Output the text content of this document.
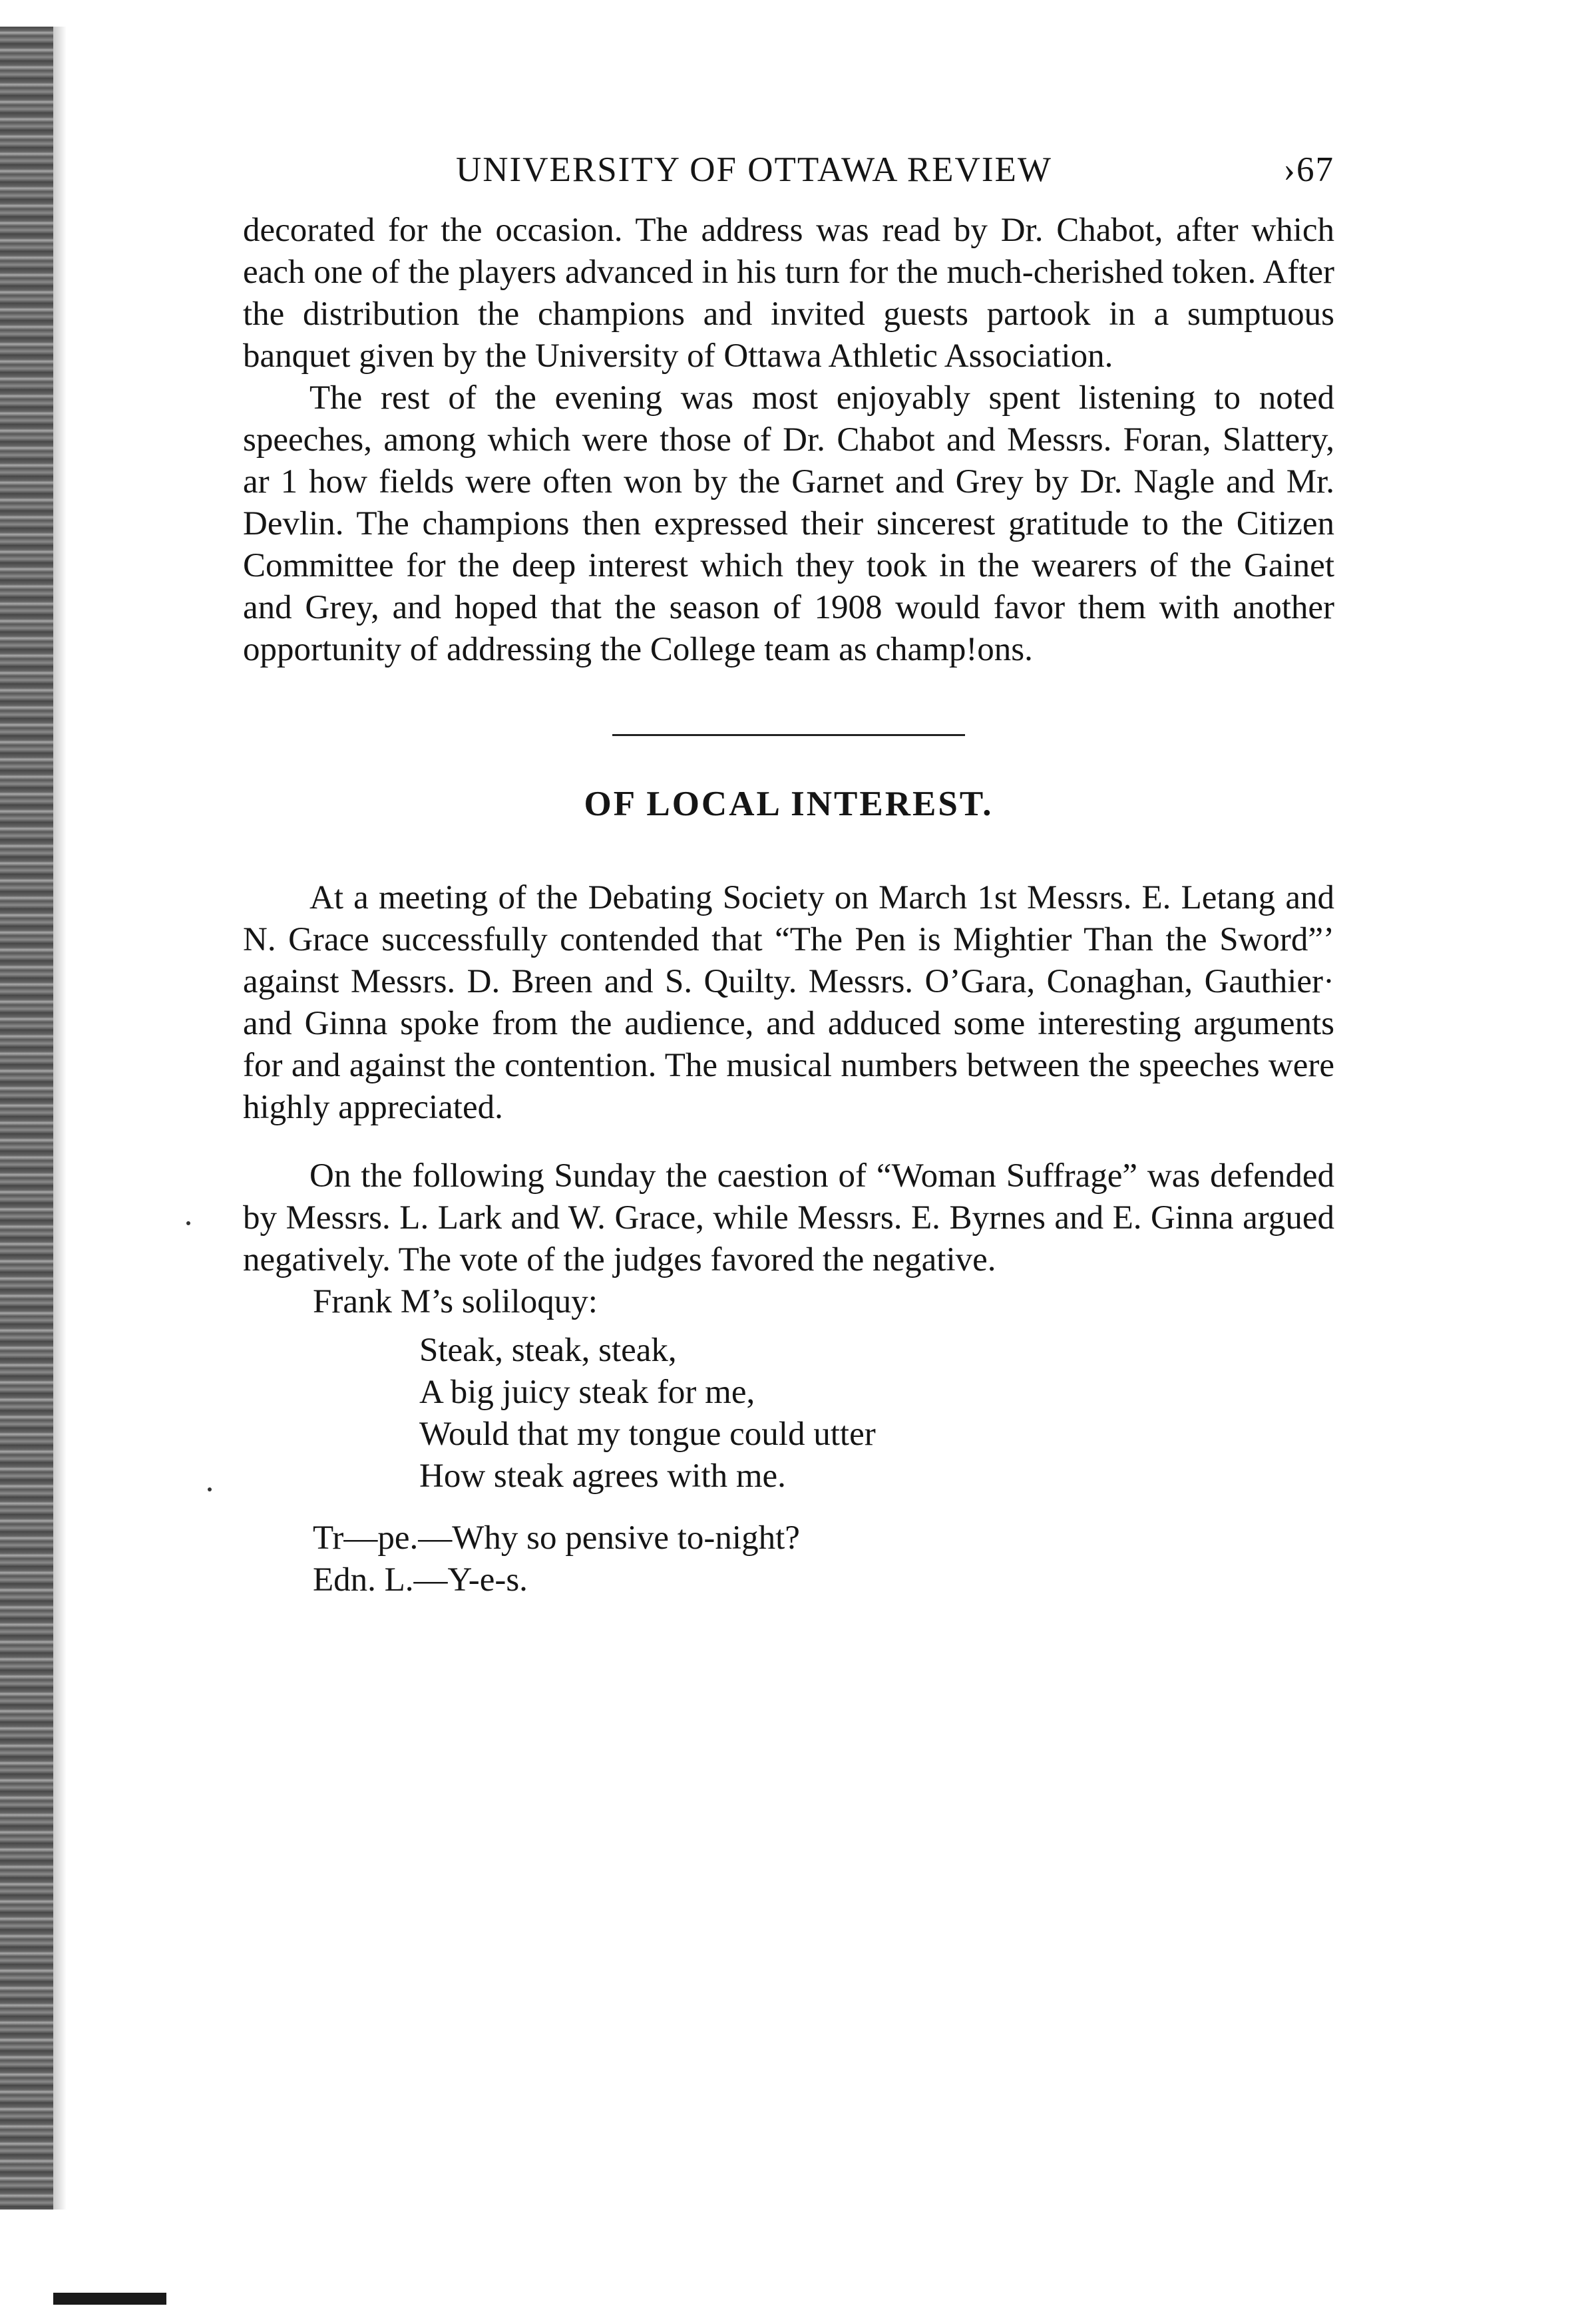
UNIVERSITY OF OTTAWA REVIEW	›67

decorated for the occasion. The address was read by Dr. Chabot, after which each one of the players advanced in his turn for the much-cherished token. After the distribution the champions and invited guests partook in a sumptuous banquet given by the University of Ottawa Athletic Association.

The rest of the evening was most enjoyably spent listening to noted speeches, among which were those of Dr. Chabot and Messrs. Foran, Slattery, ar 1 how fields were often won by the Garnet and Grey by Dr. Nagle and Mr. Devlin. The champions then expressed their sincerest gratitude to the Citizen Committee for the deep interest which they took in the wearers of the Gainet and Grey, and hoped that the season of 1908 would favor them with another opportunity of addressing the College team as champ!ons.

OF LOCAL INTEREST.

At a meeting of the Debating Society on March 1st Messrs. E. Letang and N. Grace successfully contended that “The Pen is Mightier Than the Sword”’ against Messrs. D. Breen and S. Quilty. Messrs. O’Gara, Conaghan, Gauthier· and Ginna spoke from the audience, and adduced some interesting arguments for and against the contention. The musical numbers between the speeches were highly appreciated.

On the following Sunday the caestion of “Woman Suffrage” was defended by Messrs. L. Lark and W. Grace, while Messrs. E. Byrnes and E. Ginna argued negatively. The vote of the judges favored the negative.

Frank M’s soliloquy:

Steak, steak, steak,
A big juicy steak for me,
Would that my tongue could utter
How steak agrees with me.
Tr—pe.—Why so pensive to-night?
Edn. L.—Y-e-s.
